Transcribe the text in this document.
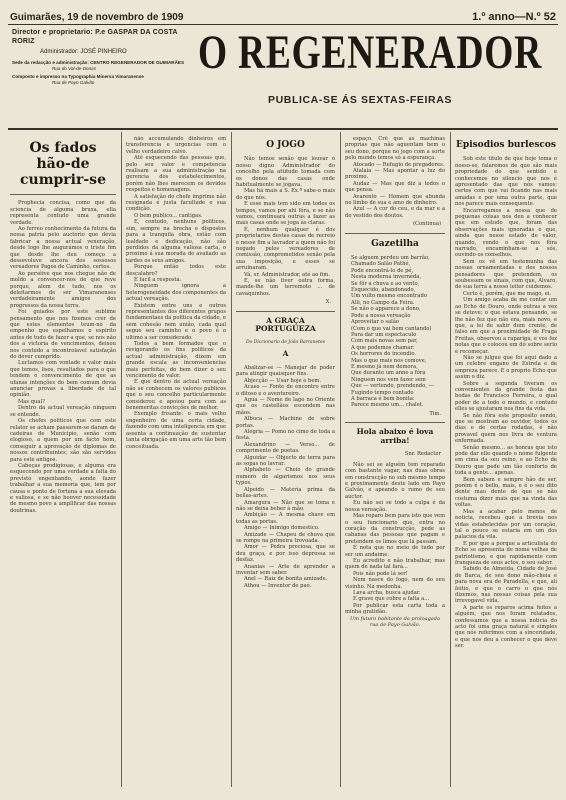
Guimarães, 19 de novembro de 1909	1.º anno—N.º 52
Director e proprietario: P.e GASPAR DA COSTA RORIZ
Administrador: JOSÉ PINHEIRO
Sede da redacção e administração: CENTRO REGENERADOR DE GUIMARÃES
Rua do Val-de-Donas
Composto e impresso na Typographia Minerva Vimaranense
Rua de Payo Galvão
O REGENERADOR
PUBLICA-SE ÁS SEXTAS-FEIRAS
Os fados hão-de cumprir-se

Prophecia concisa, como que da sciencia de alguma bruxa, ella representa contudo uma grande verdade.

Ao ferreo conhecimento da futura da nossa patria pelo auctorio que devia fabricar a nossa actual veneração, desde logo lhe augurámos o triste fim que desde lhe deu começo a dessevoluve ancora dos sossosos vereadores Pagos de Caminho, certos.

Ao perséive que nos chegue não de moldo a convencer-nos de que reve porque, alem de tudo, nos os deleitarmos de ser Vimaranenses verdadeiramente amigos dos progressos da nossa terra.

Foi guiados por este sublime pensamento que nos fizemos crer de que estes elementos teum-no da empenho que espelhamos o espirito antes de tudo de fazer a que, se nos não dos a victoria de vencimentos, deixou nos contudo a incontrolavel satisfação do dever cumprido.

Luctamos com vontade e valor mais que temos, lisos, resultados para o que tendem o convencimento de que as ufanas intenções do bem comum devia anunciar provas a liberdade de tal opinião.

Mas qual?

Dentro da actual vereação ninguem se entende.

Os chefes politicos que com este relator se acham passarem-se daram de cadeiras de Municipio, senão com elogioso, a quem por um facto bom, conseguir a aprovação de diplomas de nossos contribuintes, são são servidos para este antigos.

Cabeças prodigiosas, e alguma era esquecendo por uma verdade a falta do prevísto engenhando, aonde fazer trabalhar a sua memoria que, tem por causa e ponto de fortuna a sua elevada e valiosa, e se não houver necessidade de mesmo povo a amplificar das nossas doutrinas.

não accumulando dinheiros em transferencia e urgencias com o velho verdadeiro calvo.

Até esquecendo das pessoas que, pelo seu valor e competencia realisam a sua administração na gerencia dos estabelecimentos, porém não lhes merecem os devidos respeitos e homenagens.

A satisfação do chefe imprime não resignada é justa facultade e sua condição.

O bem publico... cantigas.

E, contudo, nenhuns politicos, sim, sempre na brecha e dispostos para a tranquila obra, estão com lealdade e dedicação, não são perdidos da alguma valiosa carta, o proximo á sua morada de avaliado as tardes os seus amigos.

Porque então todos este descalabro?

É facil a resposta.

Ninguem ignora a heterogeneidade dos componentes da actual vereação.

Existem entre uns e outros representantes dos diferentes grupos fundamentaes da politica da cidade, e sem cohesão nem união, cada qual segue seu caminho e o povo é o ultimo a ser considerado.

Todos a bem formados que o revigorando os fins politicos da actual administração, dizem em grande escala as inconveniencias mais perfeitas, do bem dizer o seu vencimento de valor.

É que dentro de actual vereação não se conhecem os valores publicos que o seu concelho particularmente considerou e apoiou para com as benemeritas convicções de melhor.

Exemplo frisante: o mais velho engenheiro de uma certa cidade, fazendo com uma inteligencia em que assenta a continuação de sustentar tanta obrigação em uma arte tão bem conceituada.

O JOGO

Não temos senão que louvar o nosso digno Administrador do concelho pela attitude tomada com os donos das casas onde habitualmente se jogava.

Mas há mais a S. Ex.ª sabe-o mais do que nós.

E esse mais tem sido em todos os tempos, vamos por ahi fóra, e se não vamos, continuará outras a fazer as mais casas onde se joga às claras.

É, nenhum qualquer é dos proprietarios destas casas de recreio e nesse fim a lavrador a quem não foi negado pelos vereadores de comissão, comprometidos senão pela sua imposição, e esses se arruinaram.

Vá, sr. Administrador, até ao fim.

E, se não tiver outra forma, mande-lhe um terremoto ... de cavaquinhos.

X.
A GRAÇA PORTUGUEZA
Do Diccionario de João Barranetes
A

Abalizar-se — Manejar de poder para atingir quaisquer fins.

Abjecção — Usar hoje e bem.

Acaso — Fonte de encontro entre o ditoso e o aventureiro.

Agua — Nome de lago no Oriente que os castellãos escondem nas mãos.

Albuca — Machine de sobre portas.

Alegria — Pomo no cimo de toda a festa.

Alexandrino — Verso... de comprimento de poetas.

Alguidar — Objecto de terra para as sopas no lavrar.

Alphabeto — Cheio do grande numero de algarismos nos seus typos.

Alpeido — Materia prima da bellas-artes.

Amargura — Não que se toma e não se deixa beber à mão.

Ambição — A mesma chave em todas as portas.

Amigo — Inimigo domestico.

Amizade — Chapeu de chuva que se rompe na primeira trovoada.

Amor — Pedra preciosa, que se deu graça, e por isso depressa se desfaz.

Ananias — Arte de aprender a inventar sem saber.

Anel — Raiz de bonita amizade.

Athou — Inventor de pao.

espaço. Crê que as machinas proprias que não aguentam bem o seu dono, porque no jogo com a sorte pelo mundo temos só a esperança.

Atocado — Refugio de pregadores.

Atalaia — Mas apontar a luz do proximo.

Audaz — Mas que diz a todos o que pensa.

Avarento — Homem que abunda no limbo de sua e amo de dinheiro.

Azul — A cor do ceu, e da mar e a do vestido dos doutos.

(Continua)
Gazetilha

Se alguem perdeu um barrão,

Chamado Salão Pathé,

Pode encontrá-lo de pé,

Nesta moderna invernêda,

Se fôr a chuva e ao vento,

Esquecido, abandonado,

Um vulto mesmo encontrado

Alli, no Campo da Feira.

Se não o apparece a dono,

Pode a nossa vereação

Aproveitar o salão

(Com o que vai bem cantando)

Para dar um espectaculo

Com mais novas sem par,

A que podemos chamar:

Os horrores do incendio.

Mas o que mais nos comove,

E mesmo já nem demora,

Que durante um anno a fóra

Ninguem nos vem fazer sem

Que — vertendo, prendendo, —

Fugindo tempo contado

A barraca é bem bonita:

Parece mesmo um... chalet.

Tim.
Hola abaixo é lova arriba!
Snr. Redactor

Não sei se alguém tem reparado com bastante vagar, nas duas obras em construcção no sub mesmo tempo e proximamente deste lado em Payo Galvão, e apeando o rumo de seu auctor.

Eu não sei se todo a culpa é da nossa vereação.

Mas reparo bem para isto que vem o seu funcionario que, entra no coração da construcção, pede as cabanas das pessoas que pagam e pretendem os limos que lá passam.

É nota que no meio de tudo por ser um andaime.

Eu acredito e não trabalhar, mas quem de nada tal fará...

Pois não pode lá ser!

Nem nasce do fogo, nem do seu visinho. Na medonha.

Lava archa, busca ajudar.

E grave que cobre a falta a...

Por publicar esta carta toda a minha gratidão.

Um futuro habitante da proloagada rua de Payo Galvão.
Episodios burlescos

Sob este titulo de que hoje toma o nosso-se, falaremos de que são mais propriedade do que sentido e conhecemos no silencio que nos é apresentado das que nós vamos: certos com que vai ficando nas mais amadas e por uma outra parte, que nos parece mais consequente.

Encarregamos a nossa que de pequenas coisas nos deu a conhecer que em estudo que, foram das observações mais ignoradas e que, ainda que nesse estado de valor, quando, vendo o que nos fôra narrado, encaminham-se a sós, ouvindo os conselhos.

Sem os vê em testemunha das nossas ornamentadas e dos nossos pensadores que pretendem, os soubessem os sinais, com que, Alvaro, de sua terra a nosso leitor cuidemos.

Certo é, porém, que me mago, ei.

Um amigo acaba de me contar um ao Echo de Douro, onde outras a vez se deteve; o que estava pensando, se lhe não fez que não era, mais novo, e que, a lei de sahir dum crente, de falso em que a proximidade de Fraga Freitas, observou a rapariga, e vos fez notas que o colocou em dó sobre serio e recomeçar.

Não se julgue que foi aqui dado a um celebre engano de Estrela e de empreza parece. E o proprio Echo que assim o diz.

Sobre a segunda tiveram os convenientes da grande festa das bodas de Francisco Ferreira, o qual poder de a todo o mundo, e contudo elles se ajustaram nos fins da vida.

Se não fôra este proposito sendo, que se mostram ao ouvidor, todos os dias e de certas rodadas, é não provavel quem nos livra de ventura enfermada.

Senão mesmo... as honras que isto pode dar elle quando o nome fulgente em cima da seu reino, e ao Echo de Douro que pede um tão conforto de toda a gente... apenas.

Bem sabem e sempre hão de ser, porém é o bello, mais, e é o seu dito dente mau dente de que se não costuma dizer mais que na vinda das voltas.

Mas a acabar pelo menos de noticia, recebeu que a brevia nos vidas estabelecidas por um coração, tal o pouco se estaria em um dos palacios da vila.

E por que a porque a articulista do Echo se apresenta de nome velhas de patriotismo, e que rapidamente com franqueza de seus actos, o seu sabor.

Sabido de Almeida, Cidade de José de Barca, de seu dono mão-cheia e para nova era de Paradella, e que, ali feitio, e que o carro o que nós dizemos, nas nossas coisas pela sua irrevogavel vida.

A parte os reparos acima feitos a alguém, que nos foram relatados, confessamos que a nossa noticia do acto foi uma graça natural e simples que nós referimos com a sinceridade, e que nos deu a conhecer o que deve ser.
